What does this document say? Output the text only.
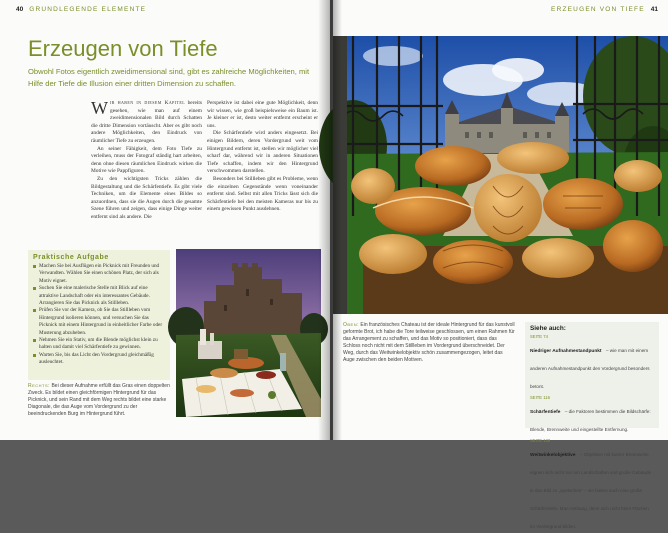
40 GRUNDLEGENDE ELEMENTE
Erzeugen von Tiefe

Obwohl Fotos eigentlich zweidimensional sind, gibt es zahlreiche Möglichkeiten, mit Hilfe der Tiefe die Illusion einer dritten Dimension zu schaffen.

Wir haben in diesem Kapitel bereits gesehen, wie man auf einem zweidimensionalen Bild durch Schatten die dritte Dimension vortäuscht. Aber es gibt noch andere Möglichkeiten, den Eindruck von räumlicher Tiefe zu erzeugen.

An seiner Fähigkeit, dem Foto Tiefe zu verleihen, muss der Fotograf ständig hart arbeiten, denn ohne diesen räumlichen Eindruck wirken die Motive wie Pappfiguren.

Zu den wichtigsten Tricks zählen die Bildgestaltung und die Schärfentiefe. Es gibt viele Techniken, um die Elemente eines Bildes so anzuordnen, dass sie die Augen durch die gesamte Szene führen und zeigen, dass einige Dinge weiter entfernt sind als andere. Die

Perspektive ist dabei eine gute Möglichkeit, denn wir wissen, wie groß beispielsweise ein Baum ist. Je kleiner er ist, desto weiter entfernt erscheint er uns.

Die Schärfentiefe wird anders eingesetzt. Bei einigen Bildern, deren Vordergrund weit vom Hintergrund entfernt ist, stellen wir möglicher viel scharf dar, während wir in anderen Situationen Tiefe schaffen, indem wir den Hintergrund verschwommen darstellen.

Besonders bei Stillleben gibt es Probleme, wenn die einzelnen Gegenstände wenn voneinander entfernt sind. Selbst mit allen Tricks lässt sich die Schärfentiefe bei den meisten Kameras nur bis zu einem gewissen Punkt ausdehnen.

Praktische Aufgabe
Machen Sie bei Ausflügen ein Picknick mit Freunden und Verwandten. Wählen Sie einen schönen Platz, der sich als Motiv eignet.
Suchen Sie eine malerische Stelle mit Blick auf eine attraktive Landschaft oder ein interessantes Gebäude. Arrangieren Sie das Picknick als Stillleben.
Prüfen Sie vor der Kamera, ob Sie das Stillleben vom Hintergrund isolieren können, und versuchen Sie das Picknick mit einem Hintergrund in einheitlicher Farbe oder Musterung abzuheben.
Nehmen Sie ein Stativ, um die Blende möglichst klein zu halten und damit viel Schärfentiefe zu gewinnen.
Warten Sie, bis das Licht den Vordergrund gleichmäßig ausleuchtet.
Rechts: Bei dieser Aufnahme erfüllt das Gras einen doppelten Zweck. Es bildet einen gleichförmigen Hintergrund für das Picknick, und sein Rand mit dem Weg rechts bildet eine starke Diagonale, die das Auge vom Vordergrund zu der beeindruckenden Burg im Hintergrund führt.
ERZEUGEN VON TIEFE 41
Oben: Ein französisches Chateau ist der ideale Hintergrund für das kunstvoll geformte Brot, ich habe die Tore teilweise geschlossen, um einen Rahmen für das Arrangement zu schaffen, und das Motiv so positioniert, dass das Schloss noch nicht mit dem Stillleben im Vordergrund überschneidet. Der Weg, durch das Weitwinkelobjektiv schön zusammengezogen, leitet das Auge zwischen den beiden Motiven.
Siehe auch:
SEITE 74
Niedriger Aufnahmestandpunkt – wie man mit einem anderen Aufnahmestandpunkt den Vordergrund besonders betont.
SEITE 116
Schärfentiefe – die Faktoren bestimmen die Bildschärfe: Blende, Brennweite und eingestellte Entfernung.
SEITE 128
Weitwinkelobjektive – Objektive mit kurzer Brennweite eignen sich nicht nur um Landschaften und große Gebäude in das Bild zu „quetschen“ – sie bieten auch eine große Schärfentiefe. Man Anthang, denn sich nicht beim Flächen im Vordergrund bilden.
